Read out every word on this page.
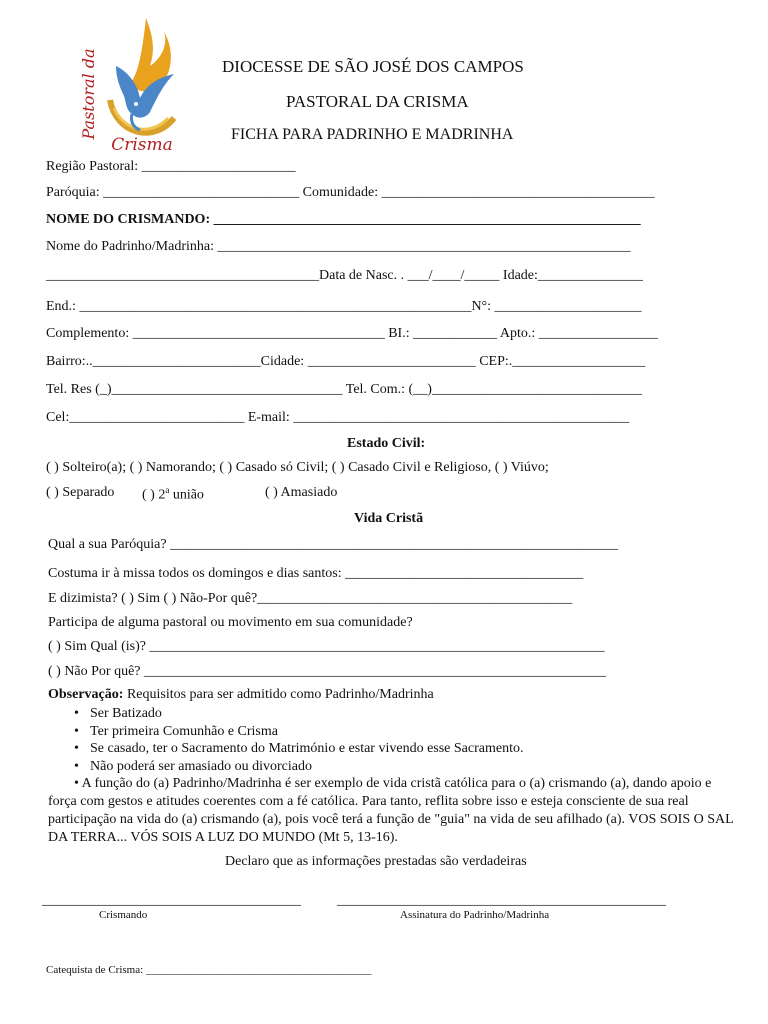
Pastoral da
Crisma
DIOCESSE DE SÃO JOSÉ DOS CAMPOS
PASTORAL DA CRISMA
FICHA PARA PADRINHO E MADRINHA
Região Pastoral: ______________________
Paróquia: ____________________________ Comunidade: _______________________________________
NOME DO CRISMANDO: _____________________________________________________________
Nome do Padrinho/Madrinha: ___________________________________________________________
_______________________________________Data de Nasc. . ___/____/_____ Idade:_______________
End.: ________________________________________________________N°: _____________________
Complemento: ____________________________________ BI.: ____________ Apto.: _________________
Bairro:..________________________Cidade: ________________________ CEP:.___________________
Tel. Res (_)_________________________________ Tel. Com.: (__)______________________________
Cel:_________________________ E-mail: ________________________________________________
Estado Civil:
( ) Solteiro(a); ( ) Namorando; ( ) Casado só Civil; ( ) Casado Civil e Religioso, ( ) Viúvo;
( ) Separado ( ) 2$^a$ união	( ) Amasiado
Vida Cristã
Qual a sua Paróquia? ________________________________________________________________
Costuma ir à missa todos os domingos e dias santos: __________________________________
E dizimista? ( ) Sim ( ) Não-Por quê?_____________________________________________
Participa de alguma pastoral ou movimento em sua comunidade?
( ) Sim Qual (is)? _________________________________________________________________
( ) Não Por quê? __________________________________________________________________
Observação: Requisitos para ser admitido como Padrinho/Madrinha
• Ser Batizado
• Ter primeira Comunhão e Crisma
• Se casado, ter o Sacramento do Matrimónio e estar vivendo esse Sacramento.
• Não poderá ser amasiado ou divorciado
• A função do (a) Padrinho/Madrinha é ser exemplo de vida cristã católica para o (a) crismando (a), dando apoio e força com gestos e atitudes coerentes com a fé católica. Para tanto, reflita sobre isso e esteja consciente de sua real participação na vida do (a) crismando (a), pois você terá a função de "guia" na vida de seu afilhado (a). VOS SOIS O SAL DA TERRA... VÓS SOIS A LUZ DO MUNDO (Mt 5, 13-16).
Declaro que as informações prestadas são verdadeiras
_____________________________________
Crismando
_______________________________________________
Assinatura do Padrinho/Madrinha
Catequista de Crisma: _________________________________________
